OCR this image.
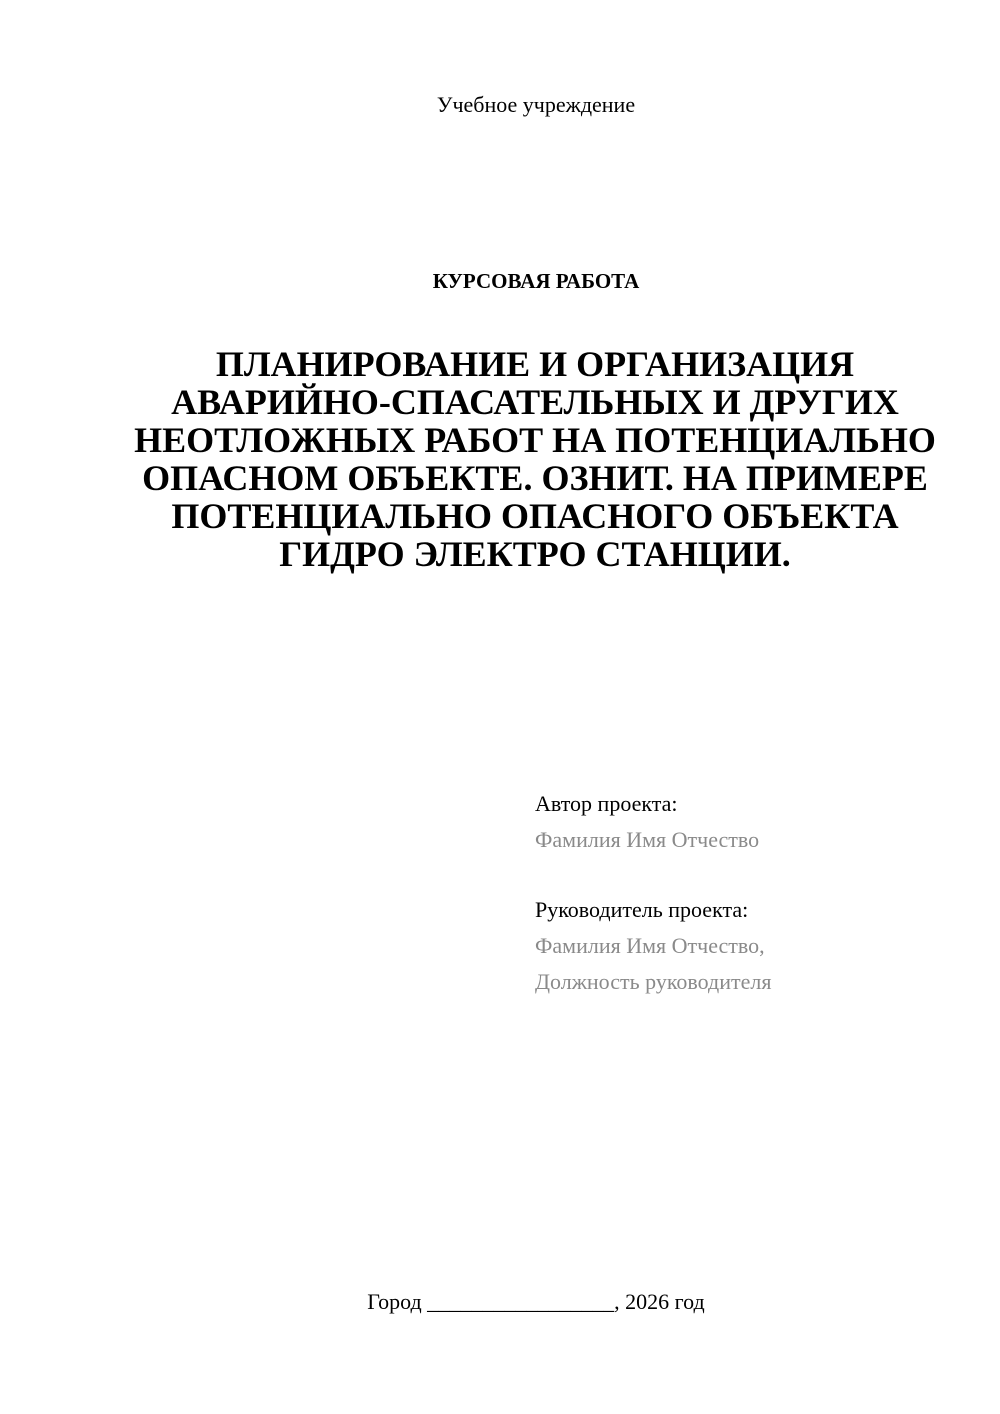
Учебное учреждение
КУРСОВАЯ РАБОТА
ПЛАНИРОВАНИЕ И ОРГАНИЗАЦИЯ АВАРИЙНО-СПАСАТЕЛЬНЫХ И ДРУГИХ НЕОТЛОЖНЫХ РАБОТ НА ПОТЕНЦИАЛЬНО ОПАСНОМ ОБЪЕКТЕ. ОЗНИТ. НА ПРИМЕРЕ ПОТЕНЦИАЛЬНО ОПАСНОГО ОБЪЕКТА ГИДРО ЭЛЕКТРО СТАНЦИИ.
Автор проекта:
Фамилия Имя Отчество
Руководитель проекта:
Фамилия Имя Отчество,
Должность руководителя
Город _________________, 2026 год
